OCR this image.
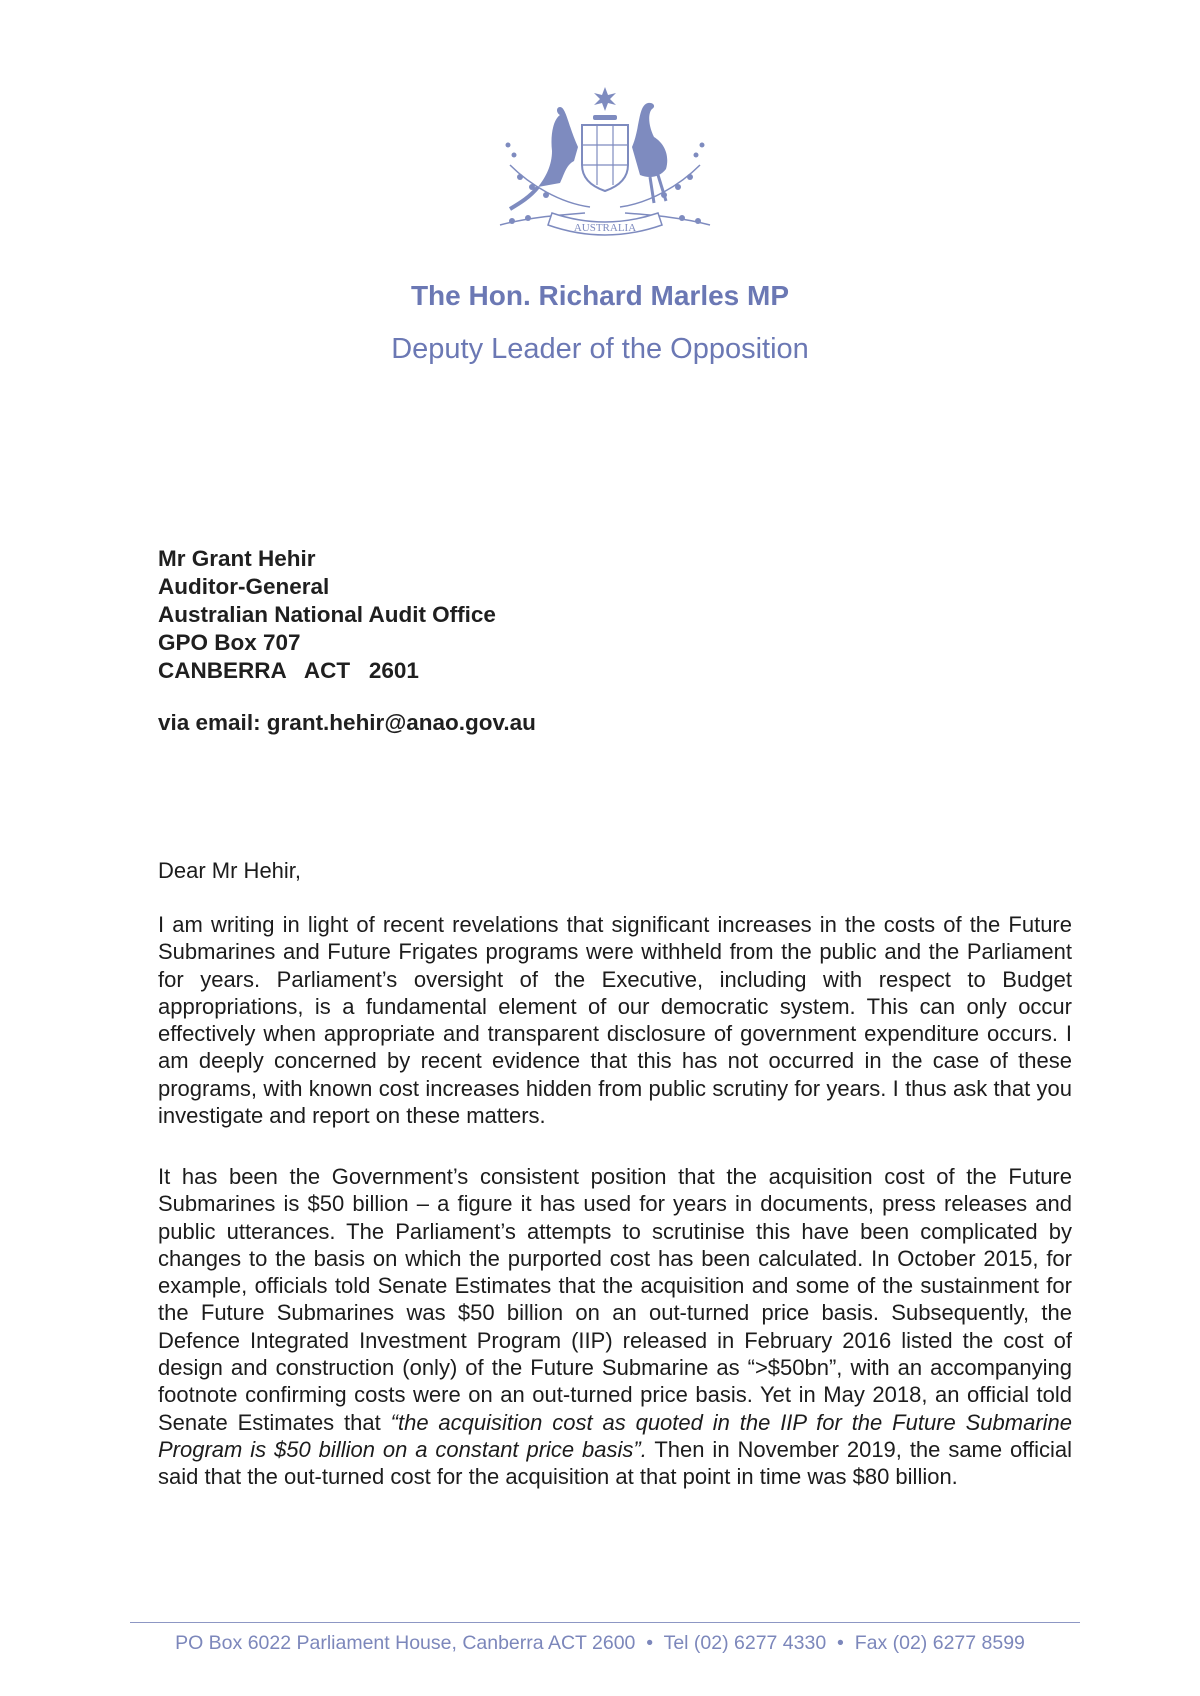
AUSTRALIA
The Hon. Richard Marles MP
Deputy Leader of the Opposition
Mr Grant Hehir
Auditor-General
Australian National Audit Office
GPO Box 707
CANBERRA   ACT   2601
via email: grant.hehir@anao.gov.au
Dear Mr Hehir,
I am writing in light of recent revelations that significant increases in the costs of the Future Submarines and Future Frigates programs were withheld from the public and the Parliament for years. Parliament’s oversight of the Executive, including with respect to Budget appropriations, is a fundamental element of our democratic system. This can only occur effectively when appropriate and transparent disclosure of government expenditure occurs. I am deeply concerned by recent evidence that this has not occurred in the case of these programs, with known cost increases hidden from public scrutiny for years. I thus ask that you investigate and report on these matters.
It has been the Government’s consistent position that the acquisition cost of the Future Submarines is $50 billion – a figure it has used for years in documents, press releases and public utterances. The Parliament’s attempts to scrutinise this have been complicated by changes to the basis on which the purported cost has been calculated. In October 2015, for example, officials told Senate Estimates that the acquisition and some of the sustainment for the Future Submarines was $50 billion on an out-turned price basis. Subsequently, the Defence Integrated Investment Program (IIP) released in February 2016 listed the cost of design and construction (only) of the Future Submarine as “>$50bn”, with an accompanying footnote confirming costs were on an out-turned price basis. Yet in May 2018, an official told Senate Estimates that “the acquisition cost as quoted in the IIP for the Future Submarine Program is $50 billion on a constant price basis”. Then in November 2019, the same official said that the out-turned cost for the acquisition at that point in time was $80 billion.
PO Box 6022 Parliament House, Canberra ACT 2600 • Tel (02) 6277 4330 • Fax (02) 6277 8599
